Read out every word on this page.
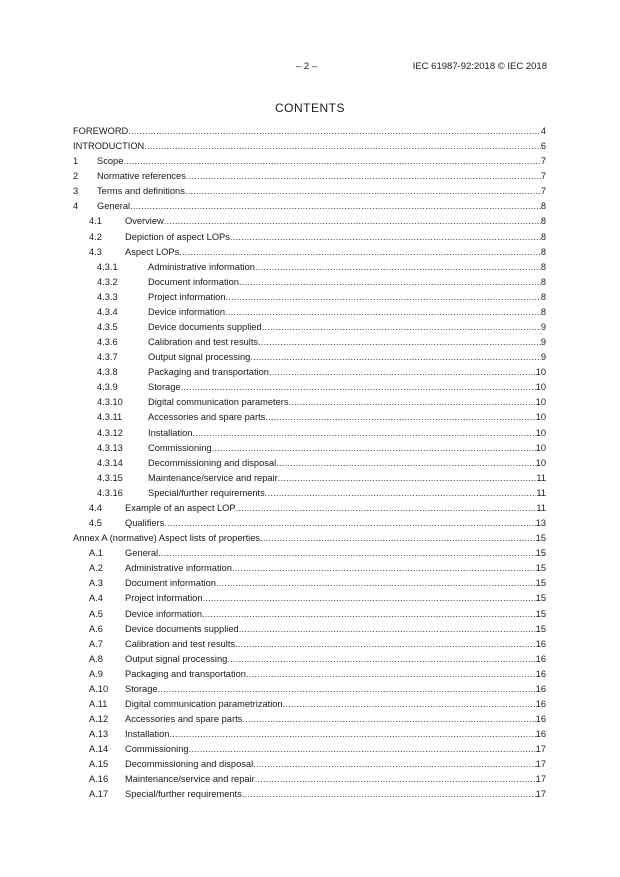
– 2 –	IEC 61987-92:2018 © IEC 2018
CONTENTS
FOREWORD .....	4
INTRODUCTION .....	6
1	Scope .....	7
2	Normative references .....	7
3	Terms and definitions .....	7
4	General .....	8
4.1	Overview .....	8
4.2	Depiction of aspect LOPs .....	8
4.3	Aspect LOPs .....	8
4.3.1	Administrative information .....	8
4.3.2	Document information .....	8
4.3.3	Project information .....	8
4.3.4	Device information .....	8
4.3.5	Device documents supplied .....	9
4.3.6	Calibration and test results .....	9
4.3.7	Output signal processing .....	9
4.3.8	Packaging and transportation .....	10
4.3.9	Storage .....	10
4.3.10	Digital communication parameters .....	10
4.3.11	Accessories and spare parts .....	10
4.3.12	Installation .....	10
4.3.13	Commissioning .....	10
4.3.14	Decommissioning and disposal .....	10
4.3.15	Maintenance/service and repair .....	11
4.3.16	Special/further requirements .....	11
4.4	Example of an aspect LOP .....	11
4.5	Qualifiers .....	13
Annex A (normative) Aspect lists of properties .....	15
A.1	General .....	15
A.2	Administrative information .....	15
A.3	Document information .....	15
A.4	Project information .....	15
A.5	Device information .....	15
A.6	Device documents supplied .....	15
A.7	Calibration and test results .....	16
A.8	Output signal processing .....	16
A.9	Packaging and transportation .....	16
A.10	Storage .....	16
A.11	Digital communication parametrization .....	16
A.12	Accessories and spare parts .....	16
A.13	Installation .....	16
A.14	Commissioning .....	17
A.15	Decommissioning and disposal .....	17
A.16	Maintenance/service and repair .....	17
A.17	Special/further requirements .....	17
